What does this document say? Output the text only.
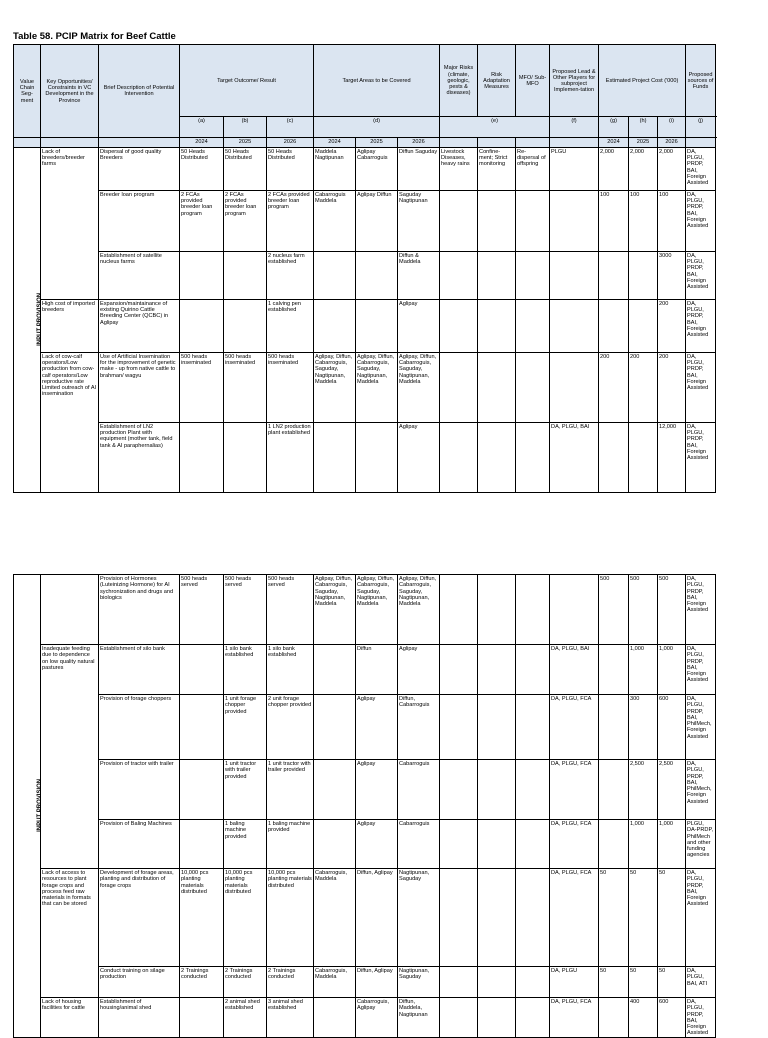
Table 58. PCIP Matrix for Beef Cattle
Value Chain Seg-ment	Key Opportunities/ Constraints in VC Development in the Province	Brief Description of Potential Intervention	Target Outcome/ Result			Target Areas to be Covered			Major Risks (climate, geologic, pests & diseases)	Risk Adaptation Measures	MFO/ Sub-MFO	Proposed Lead & Other Players for subproject Implemen-tation	Estimated Project Cost ('000)			Proposed sources of Funds	
			(a)	(b)	(c)	(d)			(e)			(f)	(g)	(h)	(i)	(j)	
			2024	2025	2026	2024	2025	2026					2024	2025	2026		
INPUT PROVISION	Lack of breeders/breeder farms	Dispersal of good quality Breeders	50 Heads Distributed	50 Heads Distributed	50 Heads Distributed	Maddela Nagtipunan	Aglipay Cabarroguis	Diffun Saguday	Livestock Diseases, heavy rains	Confine-ment; Strict monitoring	Re-dispersal of offspring	PLGU	2,000	2,000	2,000	DA, PLGU, PRDP, BAI, Foreign Assisted	
		Breeder loan program	2 FCAs provided breeder loan program	2 FCAs provided breeder loan program	2 FCAs provided breeder loan program	Cabarroguis Maddela	Aglipay Diffun	Saguday Nagtipunan					100	100	100	DA, PLGU, PRDP, BAI, Foreign Assisted	
		Establishment of satellite nucleus farms			2 nucleus farm established			Diffun & Maddela							3000	DA, PLGU, PRDP, BAI, Foreign Assisted	
	High cost of imported breeders	Expansion/maintainance of existing Quirino Cattle Breeding Center (QCBC) in Aglipay			1 calving pen established			Aglipay							200	DA, PLGU, PRDP, BAI, Foreign Assisted	
	Lack of cow-calf operators/Low production from cow-calf operators/Low reproductive rate Limited outreach of AI insemination	Use of Artificial Insemination for the improvement of genetic make - up from native cattle to brahman/ wagyu	500 heads inseminated	500 heads inseminated	500 heads inseminated	Aglipay, Diffun, Cabarroguis, Saguday, Nagtipunan, Maddela	Aglipay, Diffun, Cabarroguis, Saguday, Nagtipunan, Maddela	Aglipay, Diffun, Cabarroguis, Saguday, Nagtipunan, Maddela					200	200	200	DA, PLGU, PRDP, BAI, Foreign Assisted	
		Establishment of LN2 production Plant with equipment (mother tank, field tank & AI paraphernalias)			1 LN2 production plant established			Aglipay				DA, PLGU, BAI			12,000	DA, PLGU, PRDP, BAI, Foreign Assisted	
INPUT PROVISION		Provision of Hormones (Luteinizing Hormone) for AI sychronization and drugs and biologics	500 heads served	500 heads served	500 heads served	Aglipay, Diffun, Cabarroguis, Saguday, Nagtipunan, Maddela	Aglipay, Diffun, Cabarroguis, Saguday, Nagtipunan, Maddela	Aglipay, Diffun, Cabarroguis, Saguday, Nagtipunan, Maddela					500	500	500	DA, PLGU, PRDP, BAI, Foreign Assisted
	Inadequate feeding due to dependence on low quality natural pastures	Establishment of silo bank		1 silo bank established	1 silo bank established		Diffun	Aglipay				DA, PLGU, BAI		1,000	1,000	DA, PLGU, PRDP, BAI, Foreign Assisted
		Provision of forage choppers		1 unit forage chopper provided	2 unit forage chopper provided		Aglipay	Diffun, Cabarroguis				DA, PLGU, FCA		300	600	DA, PLGU, PRDP, BAI, PhilMech, Foreign Assisted
		Provision of tractor with trailer		1 unit tractor with trailer provided	1 unit tractor with trailer provided		Aglipay	Cabarroguis				DA, PLGU, FCA		2,500	2,500	DA, PLGU, PRDP, BAI, PhilMech, Foreign Assisted
		Provision of Baling Machines		1 baling machine provided	1 baling machine provided		Aglipay	Cabarroguis				DA, PLGU, FCA		1,000	1,000	PLGU, DA-PRDP, PhilMech and other funding agencies
	Lack of access to resources to plant forage crops and process feed raw materials in formats that can be stored	Development of forage areas, planting and distribution of forage crops	10,000 pcs planting materials distributed	10,000 pcs planting materials distributed	10,000 pcs planting materials distributed	Cabarroguis, Maddela	Diffun, Aglipay	Nagtipunan, Saguday				DA, PLGU, FCA	50	50	50	DA, PLGU, PRDP, BAI, Foreign Assisted
		Conduct training on silage production	2 Trainings conducted	2 Trainings conducted	2 Trainings conducted	Cabarroguis, Maddela	Diffun, Aglipay	Nagtipunan, Saguday				DA, PLGU	50	50	50	DA, PLGU, BAI, ATI
	Lack of housing facilities for cattle	Establishment of housing/animal shed		2 animal shed established	3 animal shed established		Cabarroguis, Aglipay	Diffun, Maddela, Nagtipunan				DA, PLGU, FCA		400	600	DA, PLGU, PRDP, BAI, Foreign Assisted
